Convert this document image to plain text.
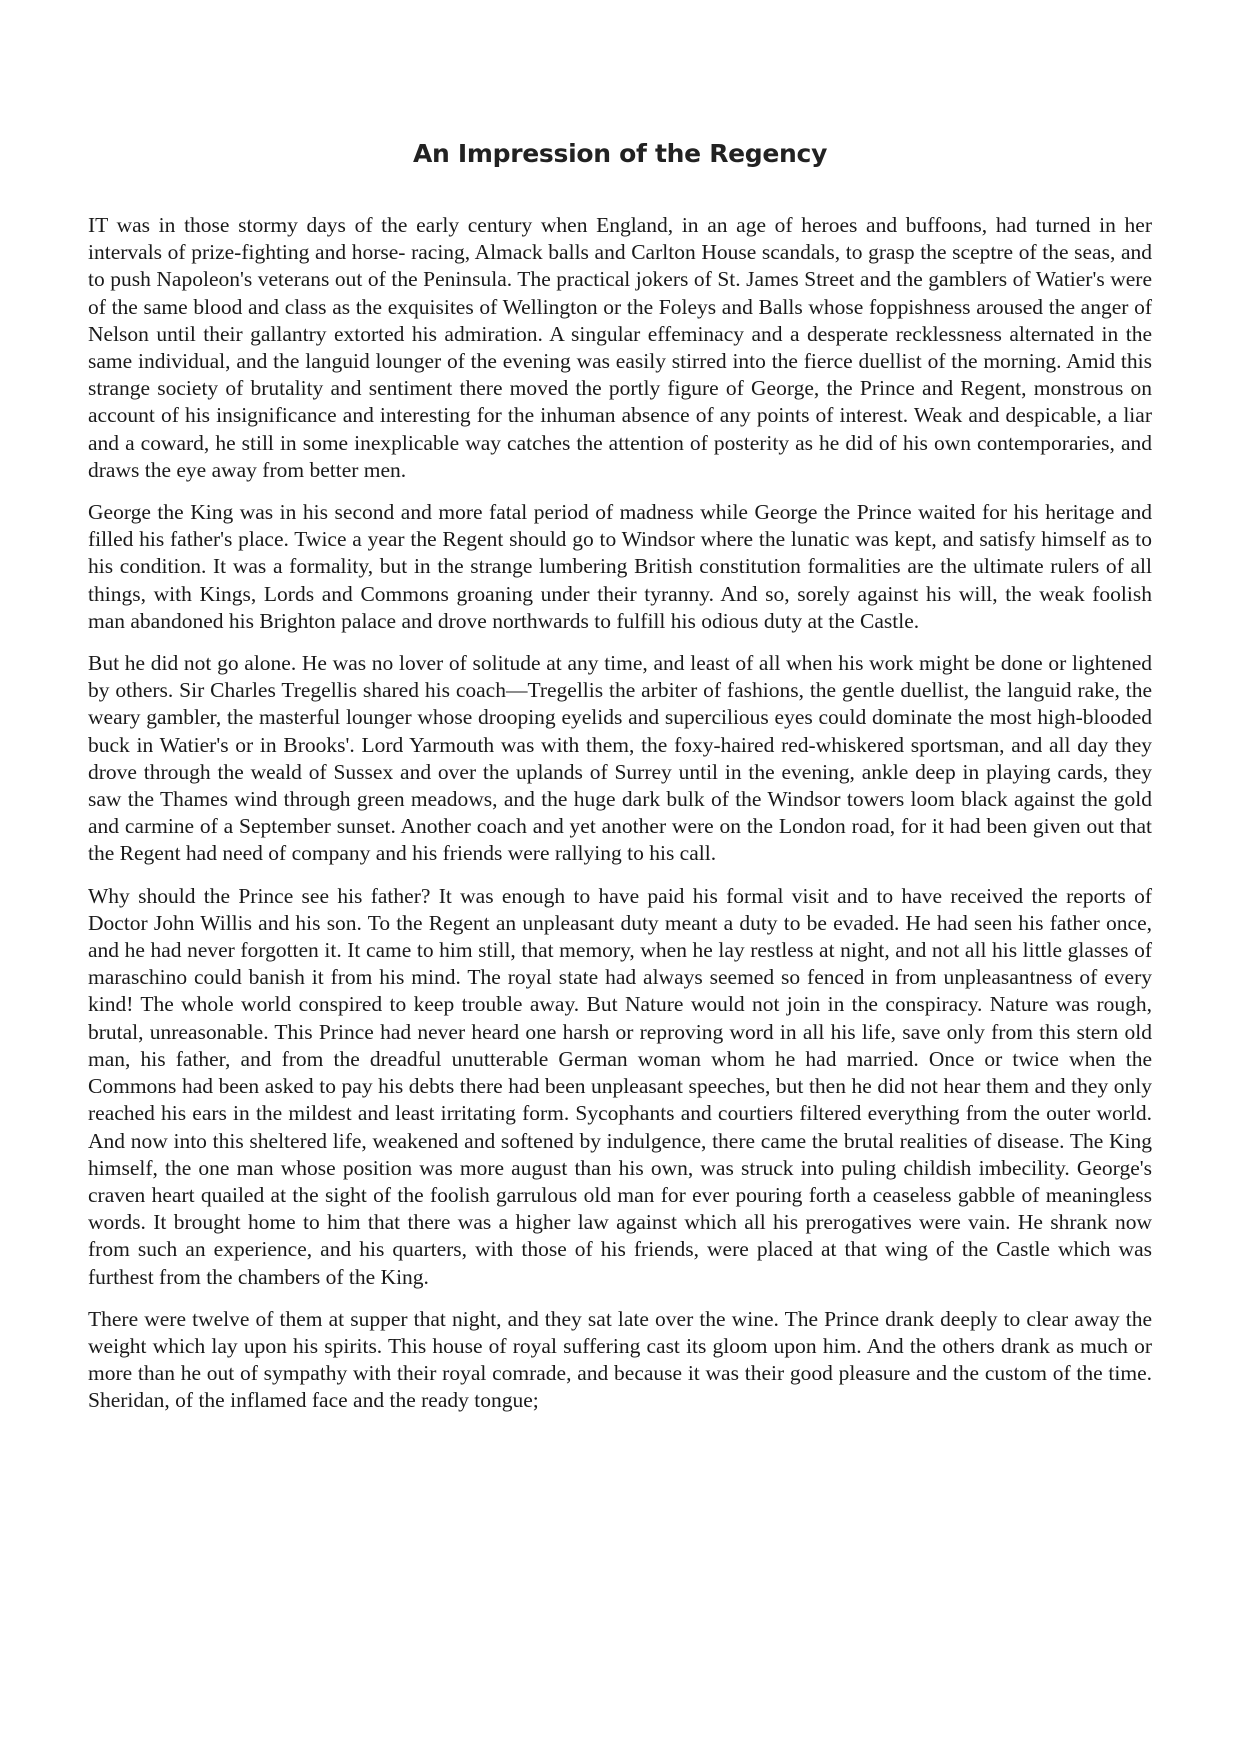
An Impression of the Regency

IT was in those stormy days of the early century when England, in an age of heroes and buffoons, had turned in her intervals of prize-fighting and horse- racing, Almack balls and Carlton House scandals, to grasp the sceptre of the seas, and to push Napoleon's veterans out of the Peninsula. The practical jokers of St. James Street and the gamblers of Watier's were of the same blood and class as the exquisites of Wellington or the Foleys and Balls whose foppishness aroused the anger of Nelson until their gallantry extorted his admiration. A singular effeminacy and a desperate recklessness alternated in the same individual, and the languid lounger of the evening was easily stirred into the fierce duellist of the morning. Amid this strange society of brutality and sentiment there moved the portly figure of George, the Prince and Regent, monstrous on account of his insignificance and interesting for the inhuman absence of any points of interest. Weak and despicable, a liar and a coward, he still in some inexplicable way catches the attention of posterity as he did of his own contemporaries, and draws the eye away from better men.

George the King was in his second and more fatal period of madness while George the Prince waited for his heritage and filled his father's place. Twice a year the Regent should go to Windsor where the lunatic was kept, and satisfy himself as to his condition. It was a formality, but in the strange lumbering British constitution formalities are the ultimate rulers of all things, with Kings, Lords and Commons groaning under their tyranny. And so, sorely against his will, the weak foolish man abandoned his Brighton palace and drove northwards to fulfill his odious duty at the Castle.

But he did not go alone. He was no lover of solitude at any time, and least of all when his work might be done or lightened by others. Sir Charles Tregellis shared his coach—Tregellis the arbiter of fashions, the gentle duellist, the languid rake, the weary gambler, the masterful lounger whose drooping eyelids and supercilious eyes could dominate the most high-blooded buck in Watier's or in Brooks'. Lord Yarmouth was with them, the foxy-haired red-whiskered sportsman, and all day they drove through the weald of Sussex and over the uplands of Surrey until in the evening, ankle deep in playing cards, they saw the Thames wind through green meadows, and the huge dark bulk of the Windsor towers loom black against the gold and carmine of a September sunset. Another coach and yet another were on the London road, for it had been given out that the Regent had need of company and his friends were rallying to his call.

Why should the Prince see his father? It was enough to have paid his formal visit and to have received the reports of Doctor John Willis and his son. To the Regent an unpleasant duty meant a duty to be evaded. He had seen his father once, and he had never forgotten it. It came to him still, that memory, when he lay restless at night, and not all his little glasses of maraschino could banish it from his mind. The royal state had always seemed so fenced in from unpleasantness of every kind! The whole world conspired to keep trouble away. But Nature would not join in the conspiracy. Nature was rough, brutal, unreasonable. This Prince had never heard one harsh or reproving word in all his life, save only from this stern old man, his father, and from the dreadful unutterable German woman whom he had married. Once or twice when the Commons had been asked to pay his debts there had been unpleasant speeches, but then he did not hear them and they only reached his ears in the mildest and least irritating form. Sycophants and courtiers filtered everything from the outer world. And now into this sheltered life, weakened and softened by indulgence, there came the brutal realities of disease. The King himself, the one man whose position was more august than his own, was struck into puling childish imbecility. George's craven heart quailed at the sight of the foolish garrulous old man for ever pouring forth a ceaseless gabble of meaningless words. It brought home to him that there was a higher law against which all his prerogatives were vain. He shrank now from such an experience, and his quarters, with those of his friends, were placed at that wing of the Castle which was furthest from the chambers of the King.

There were twelve of them at supper that night, and they sat late over the wine. The Prince drank deeply to clear away the weight which lay upon his spirits. This house of royal suffering cast its gloom upon him. And the others drank as much or more than he out of sympathy with their royal comrade, and because it was their good pleasure and the custom of the time. Sheridan, of the inflamed face and the ready tongue;
